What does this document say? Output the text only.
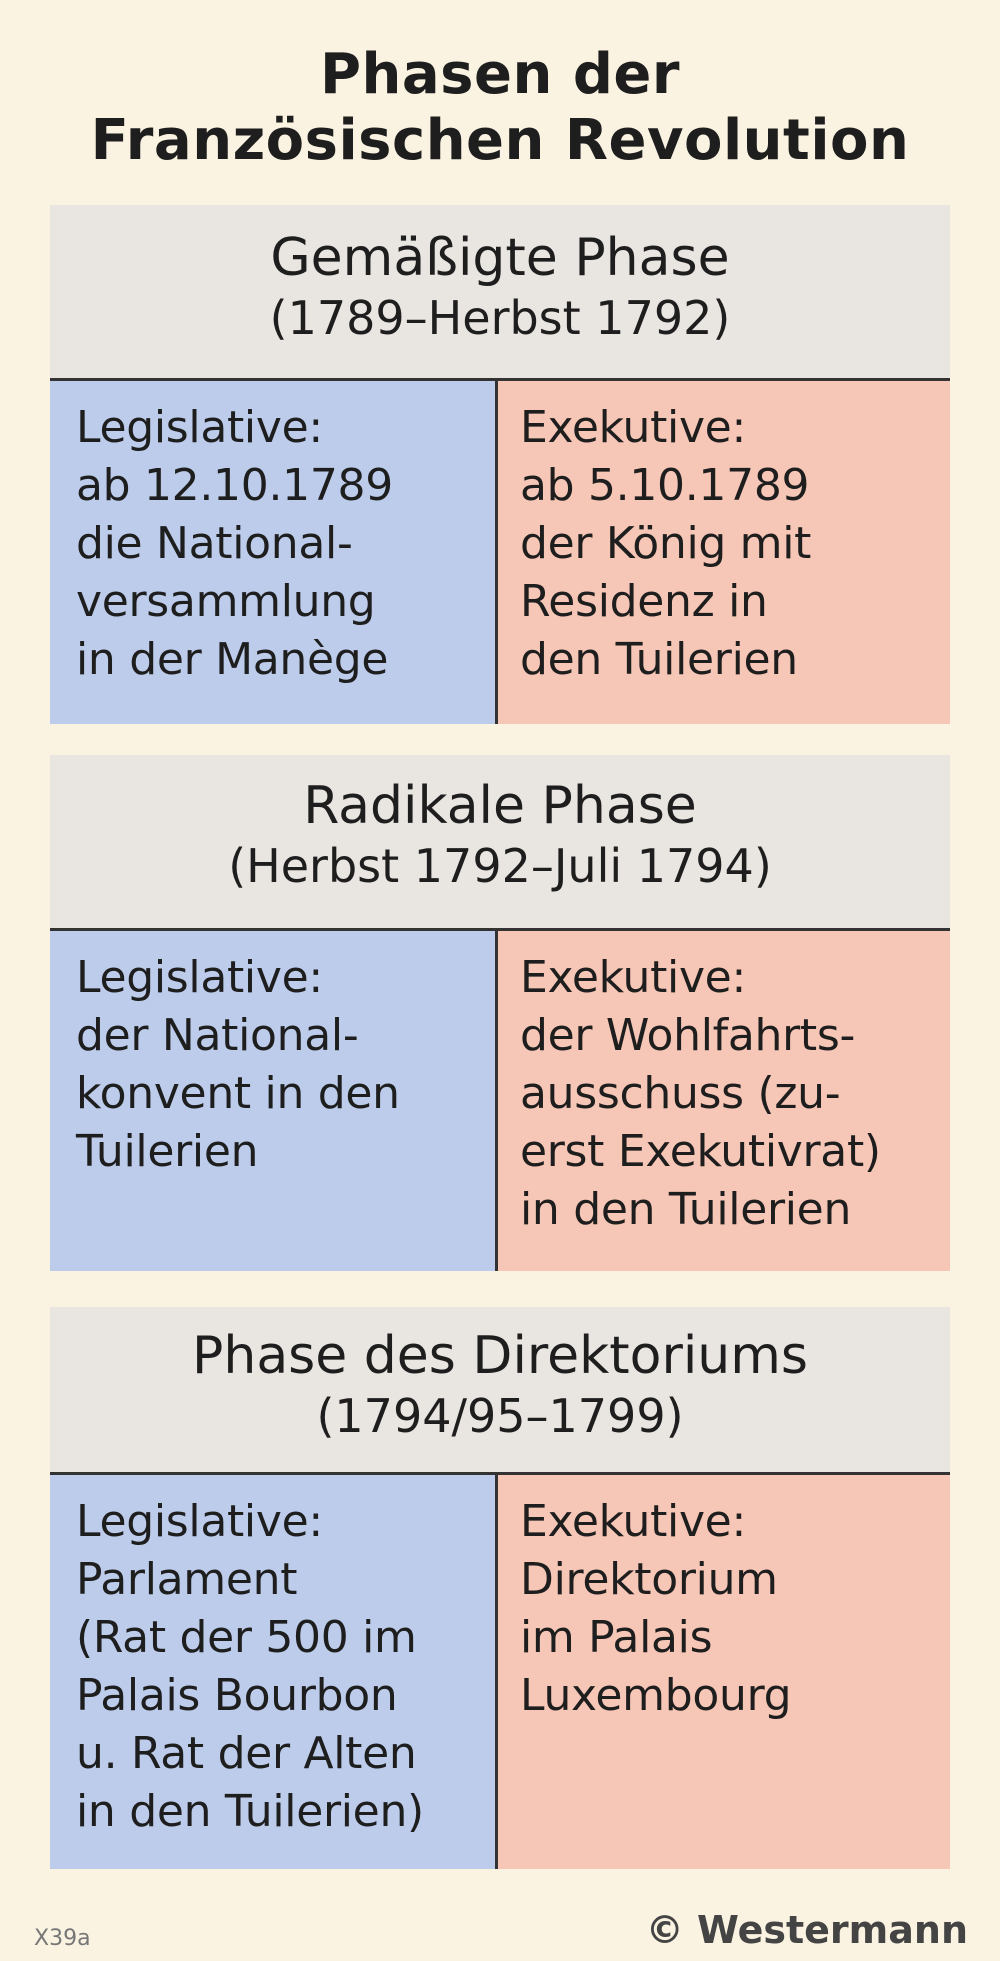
Phasen der
Französischen Revolution
Gemäßigte Phase
(1789–Herbst 1792)
Legislative:
ab 12.10.1789
die National-
versammlung
in der Manège
Exekutive:
ab 5.10.1789
der König mit
Residenz in
den Tuilerien
Radikale Phase
(Herbst 1792–Juli 1794)
Legislative:
der National-
konvent in den
Tuilerien
Exekutive:
der Wohlfahrts-
ausschuss (zu-
erst Exekutivrat)
in den Tuilerien
Phase des Direktoriums
(1794/95–1799)
Legislative:
Parlament
(Rat der 500 im
Palais Bourbon
u. Rat der Alten
in den Tuilerien)
Exekutive:
Direktorium
im Palais
Luxembourg
X39a	© Westermann
